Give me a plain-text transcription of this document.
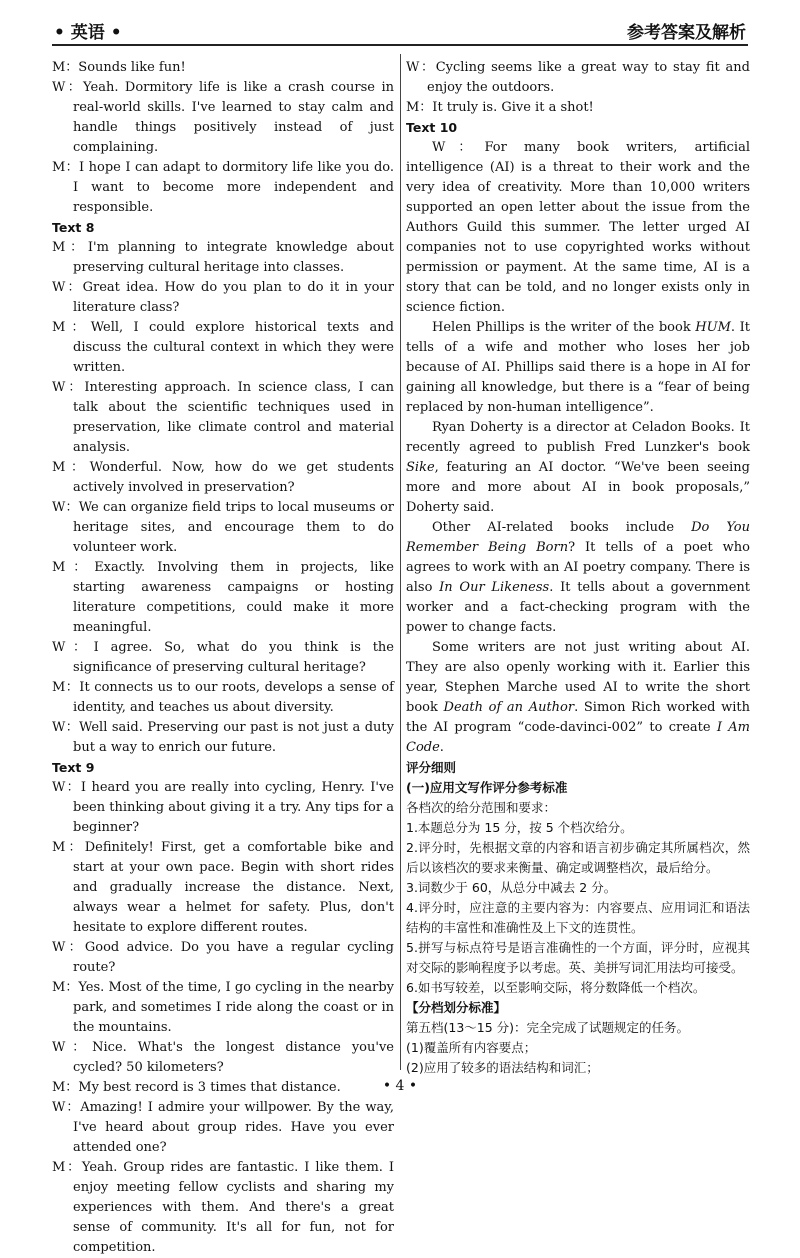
• 英语 •	参考答案及解析

M：Sounds like fun!

W：Yeah. Dormitory life is like a crash course in real-world skills. I've learned to stay calm and handle things positively instead of just complaining.

M：I hope I can adapt to dormitory life like you do. I want to become more independent and responsible.

Text 8

M：I'm planning to integrate knowledge about preserving cultural heritage into classes.

W：Great idea. How do you plan to do it in your literature class?

M：Well, I could explore historical texts and discuss the cultural context in which they were written.

W：Interesting approach. In science class, I can talk about the scientific techniques used in preservation, like climate control and material analysis.

M：Wonderful. Now, how do we get students actively involved in preservation?

W：We can organize field trips to local museums or heritage sites, and encourage them to do volunteer work.

M：Exactly. Involving them in projects, like starting awareness campaigns or hosting literature competitions, could make it more meaningful.

W：I agree. So, what do you think is the significance of preserving cultural heritage?

M：It connects us to our roots, develops a sense of identity, and teaches us about diversity.

W：Well said. Preserving our past is not just a duty but a way to enrich our future.

Text 9

W：I heard you are really into cycling, Henry. I've been thinking about giving it a try. Any tips for a beginner?

M：Definitely! First, get a comfortable bike and start at your own pace. Begin with short rides and gradually increase the distance. Next, always wear a helmet for safety. Plus, don't hesitate to explore different routes.

W：Good advice. Do you have a regular cycling route?

M：Yes. Most of the time, I go cycling in the nearby park, and sometimes I ride along the coast or in the mountains.

W：Nice. What's the longest distance you've cycled? 50 kilometers?

M：My best record is 3 times that distance.

W：Amazing! I admire your willpower. By the way, I've heard about group rides. Have you ever attended one?

M：Yeah. Group rides are fantastic. I like them. I enjoy meeting fellow cyclists and sharing my experiences with them. And there's a great sense of community. It's all for fun, not for competition.

W：Cycling seems like a great way to stay fit and enjoy the outdoors.

M：It truly is. Give it a shot!

Text 10

W：For many book writers, artificial intelligence (AI) is a threat to their work and the very idea of creativity. More than 10,000 writers supported an open letter about the issue from the Authors Guild this summer. The letter urged AI companies not to use copyrighted works without permission or payment. At the same time, AI is a story that can be told, and no longer exists only in science fiction.

Helen Phillips is the writer of the book HUM. It tells of a wife and mother who loses her job because of AI. Phillips said there is a hope in AI for gaining all knowledge, but there is a “fear of being replaced by non-human intelligence”.

Ryan Doherty is a director at Celadon Books. It recently agreed to publish Fred Lunzker's book Sike, featuring an AI doctor. “We've been seeing more and more about AI in book proposals,” Doherty said.

Other AI-related books include Do You Remember Being Born? It tells of a poet who agrees to work with an AI poetry company. There is also In Our Likeness. It tells about a government worker and a fact-checking program with the power to change facts.

Some writers are not just writing about AI. They are also openly working with it. Earlier this year, Stephen Marche used AI to write the short book Death of an Author. Simon Rich worked with the AI program “code-davinci-002” to create I Am Code.

评分细则

(一)应用文写作评分参考标准

各档次的给分范围和要求：

1.本题总分为 15 分，按 5 个档次给分。

2.评分时，先根据文章的内容和语言初步确定其所属档次，然后以该档次的要求来衡量、确定或调整档次，最后给分。

3.词数少于 60，从总分中减去 2 分。

4.评分时，应注意的主要内容为：内容要点、应用词汇和语法结构的丰富性和准确性及上下文的连贯性。

5.拼写与标点符号是语言准确性的一个方面，评分时，应视其对交际的影响程度予以考虑。英、美拼写词汇用法均可接受。

6.如书写较差，以至影响交际，将分数降低一个档次。

【分档划分标准】

第五档(13～15 分)：完全完成了试题规定的任务。

(1)覆盖所有内容要点；

(2)应用了较多的语法结构和词汇；

• 4 •
